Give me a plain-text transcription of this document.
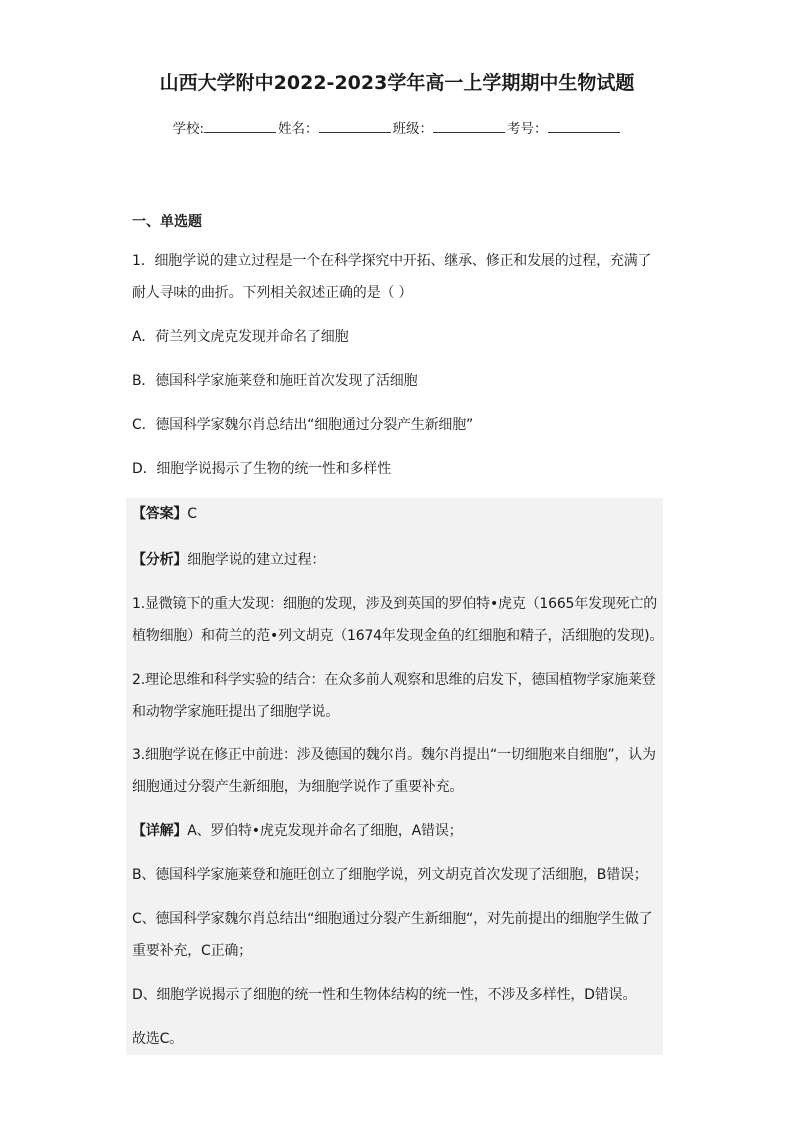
山西大学附中2022-2023学年高一上学期期中生物试题
学校:	姓名：	班级：	考号：
一、单选题
1．细胞学说的建立过程是一个在科学探究中开拓、继承、修正和发展的过程，充满了
耐人寻味的曲折。下列相关叙述正确的是（ ）
A．荷兰列文虎克发现并命名了细胞
B．德国科学家施莱登和施旺首次发现了活细胞
C．德国科学家魏尔肖总结出“细胞通过分裂产生新细胞”
D．细胞学说揭示了生物的统一性和多样性
【答案】C
【分析】细胞学说的建立过程：
1.显微镜下的重大发现：细胞的发现，涉及到英国的罗伯特•虎克（1665年发现死亡的
植物细胞）和荷兰的范•列文胡克（1674年发现金鱼的红细胞和精子，活细胞的发现)。
2.理论思维和科学实验的结合：在众多前人观察和思维的启发下，德国植物学家施莱登
和动物学家施旺提出了细胞学说。
3.细胞学说在修正中前进：涉及德国的魏尔肖。魏尔肖提出“一切细胞来自细胞”，认为
细胞通过分裂产生新细胞，为细胞学说作了重要补充。
【详解】A、罗伯特•虎克发现并命名了细胞，A错误；
B、德国科学家施莱登和施旺创立了细胞学说，列文胡克首次发现了活细胞，B错误；
C、德国科学家魏尔肖总结出“细胞通过分裂产生新细胞“，对先前提出的细胞学生做了
重要补充，C正确；
D、细胞学说揭示了细胞的统一性和生物体结构的统一性，不涉及多样性，D错误。
故选C。
